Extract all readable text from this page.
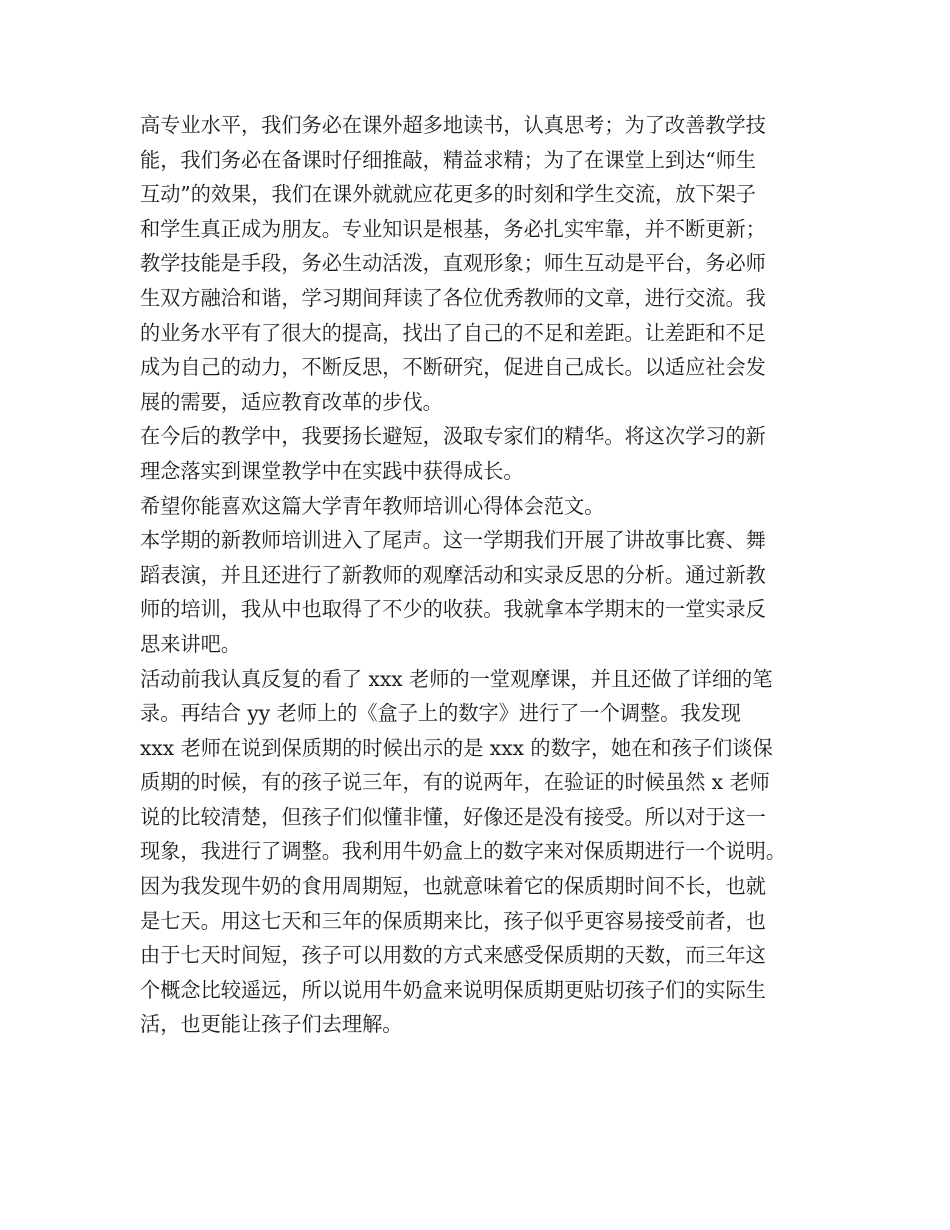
高专业水平，我们务必在课外超多地读书，认真思考；为了改善教学技
能，我们务必在备课时仔细推敲，精益求精；为了在课堂上到达“师生
互动”的效果，我们在课外就就应花更多的时刻和学生交流，放下架子
和学生真正成为朋友。专业知识是根基，务必扎实牢靠，并不断更新；
教学技能是手段，务必生动活泼，直观形象；师生互动是平台，务必师
生双方融洽和谐，学习期间拜读了各位优秀教师的文章，进行交流。我
的业务水平有了很大的提高，找出了自己的不足和差距。让差距和不足
成为自己的动力，不断反思，不断研究，促进自己成长。以适应社会发
展的需要，适应教育改革的步伐。
在今后的教学中，我要扬长避短，汲取专家们的精华。将这次学习的新
理念落实到课堂教学中在实践中获得成长。
希望你能喜欢这篇大学青年教师培训心得体会范文。
本学期的新教师培训进入了尾声。这一学期我们开展了讲故事比赛、舞
蹈表演，并且还进行了新教师的观摩活动和实录反思的分析。通过新教
师的培训，我从中也取得了不少的收获。我就拿本学期末的一堂实录反
思来讲吧。
活动前我认真反复的看了 xxx 老师的一堂观摩课，并且还做了详细的笔
录。再结合 yy 老师上的《盒子上的数字》进行了一个调整。我发现
xxx 老师在说到保质期的时候出示的是 xxx 的数字，她在和孩子们谈保
质期的时候，有的孩子说三年，有的说两年，在验证的时候虽然 x 老师
说的比较清楚，但孩子们似懂非懂，好像还是没有接受。所以对于这一
现象，我进行了调整。我利用牛奶盒上的数字来对保质期进行一个说明。
因为我发现牛奶的食用周期短，也就意味着它的保质期时间不长，也就
是七天。用这七天和三年的保质期来比，孩子似乎更容易接受前者，也
由于七天时间短，孩子可以用数的方式来感受保质期的天数，而三年这
个概念比较遥远，所以说用牛奶盒来说明保质期更贴切孩子们的实际生
活，也更能让孩子们去理解。
